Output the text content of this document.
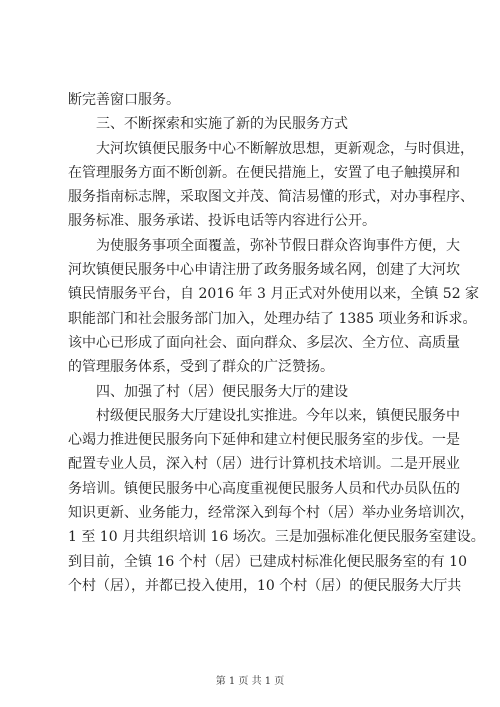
断完善窗口服务。
三、不断探索和实施了新的为民服务方式
大河坎镇便民服务中心不断解放思想，更新观念，与时俱进，
在管理服务方面不断创新。在便民措施上，安置了电子触摸屏和
服务指南标志牌，采取图文并茂、简洁易懂的形式，对办事程序、
服务标准、服务承诺、投诉电话等内容进行公开。
为使服务事项全面覆盖，弥补节假日群众咨询事件方便，大
河坎镇便民服务中心申请注册了政务服务域名网，创建了大河坎
镇民情服务平台，自 2016 年 3 月正式对外使用以来，全镇 52 家
职能部门和社会服务部门加入，处理办结了 1385 项业务和诉求。
该中心已形成了面向社会、面向群众、多层次、全方位、高质量
的管理服务体系，受到了群众的广泛赞扬。
四、加强了村（居）便民服务大厅的建设
村级便民服务大厅建设扎实推进。今年以来，镇便民服务中
心竭力推进便民服务向下延伸和建立村便民服务室的步伐。一是
配置专业人员，深入村（居）进行计算机技术培训。二是开展业
务培训。镇便民服务中心高度重视便民服务人员和代办员队伍的
知识更新、业务能力，经常深入到每个村（居）举办业务培训次，
1 至 10 月共组织培训 16 场次。三是加强标准化便民服务室建设。
到目前，全镇 16 个村（居）已建成村标准化便民服务室的有 10
个村（居），并都已投入使用，10 个村（居）的便民服务大厅共
第 1 页 共 1 页
